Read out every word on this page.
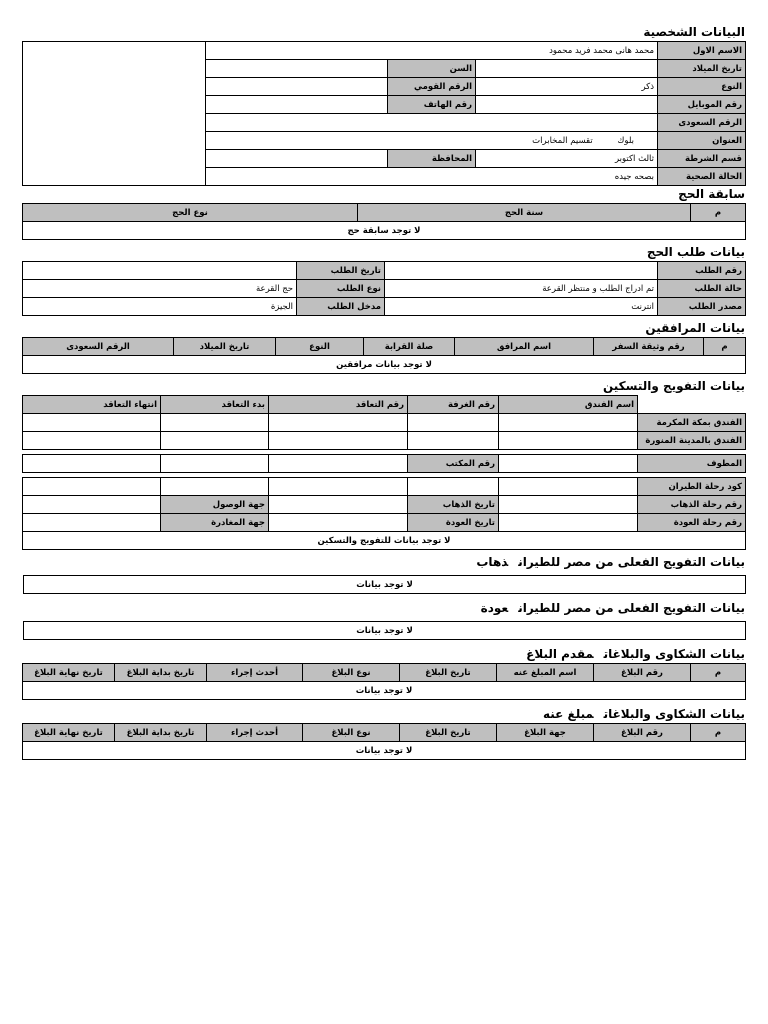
البيانات الشخصية
الاسم الاول	محمد هانى محمد فريد محمود			
تاريخ الميلاد		السن		
النوع	ذكر	الرقم القومي		
رقم الموبايل		رقم الهاتف		
الرقم السعودى				
العنوان	بلوك تقسيم المخابرات			
قسم الشرطة	ثالث اكتوبر	المحافظة		
الحالة الصحية	بصحه جيده			
سابقة الحج
م	سنة الحج	نوع الحج
لا توجد سابقة حج
بيانات طلب الحج
رقم الطلب		تاريخ الطلب	
حالة الطلب	تم ادراج الطلب و منتظر القرعة	نوع الطلب	حج القرعة
مصدر الطلب	انترنت	مدخل الطلب	الجيزة
بيانات المرافقين
م	رقم وثيقة السفر	اسم المرافق	صلة القرابة	النوع	تاريخ الميلاد	الرقم السعودى
لا توجد بيانات مرافقين
بيانات التفويج والتسكين
	اسم الفندق	رقم الغرفة	رقم التعاقد	بدء التعاقد	انتهاء التعاقد
الفندق بمكة المكرمة					
الفندق بالمدينة المنورة					

المطوف		رقم المكتب			

كود رحلة الطيران					
رقم رحلة الذهاب		تاريخ الذهاب		جهة الوصول	
رقم رحلة العودة		تاريخ العودة		جهة المغادرة	
لا توجد بيانات للتفويج والتسكين					
بيانات التفويج الفعلى من مصر للطيرانذهاب
لا توجد بيانات
بيانات التفويج الفعلى من مصر للطيرانعودة
لا توجد بيانات
بيانات الشكاوى والبلاغاتمقدم البلاغ
م	رقم البلاغ	اسم المبلغ عنه	تاريخ البلاغ	نوع البلاغ	أحدث إجراء	تاريخ بداية البلاغ	تاريخ نهاية البلاغ
لا توجد بيانات
بيانات الشكاوى والبلاغاتمبلغ عنه
م	رقم البلاغ	جهة البلاغ	تاريخ البلاغ	نوع البلاغ	أحدث إجراء	تاريخ بداية البلاغ	تاريخ نهاية البلاغ
لا توجد بيانات
